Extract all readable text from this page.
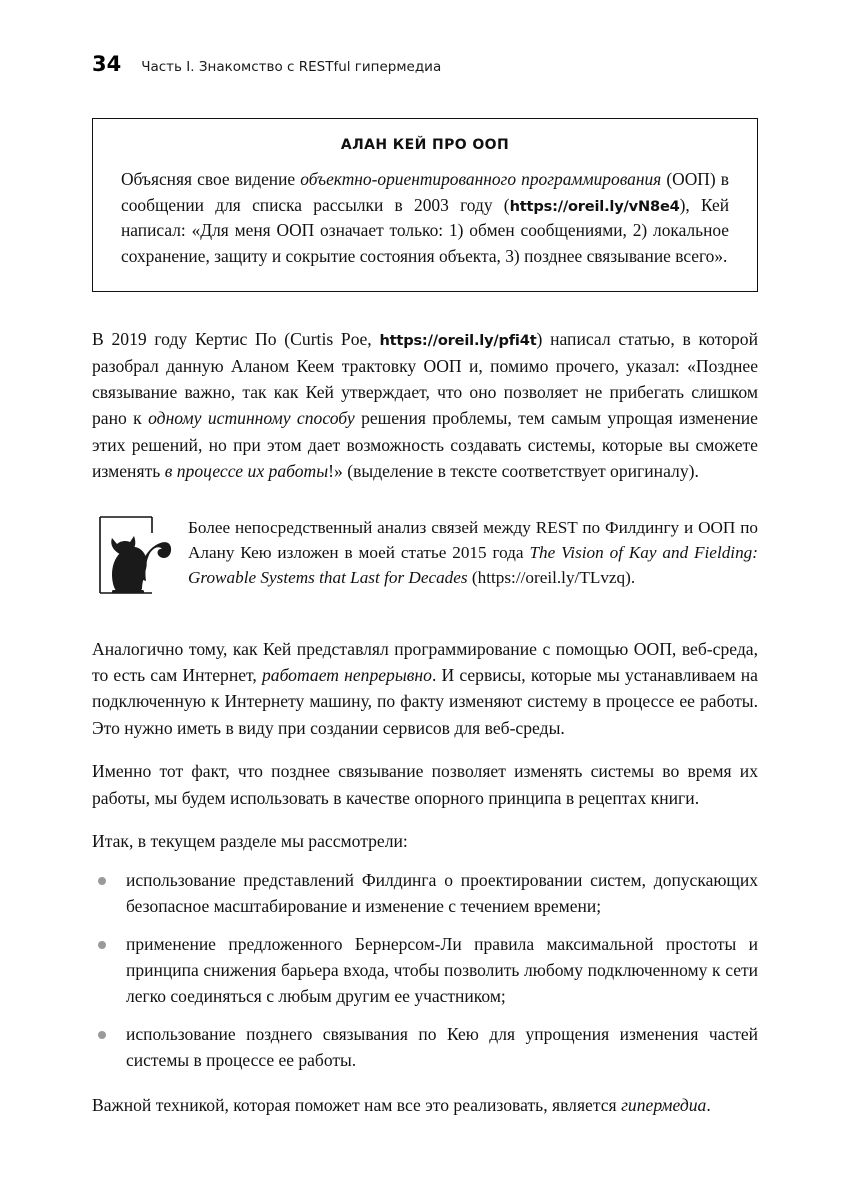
34 Часть I. Знакомство с RESTful гипермедиа
АЛАН КЕЙ ПРО ООП
Объясняя свое видение объектно-ориентированного программирования (ООП) в сообщении для списка рассылки в 2003 году (https://oreil.ly/vN8e4), Кей написал: «Для меня ООП означает только: 1) обмен сообщениями, 2) локальное сохранение, защиту и сокрытие состояния объекта, 3) позднее связывание всего».

В 2019 году Кертис По (Curtis Poe, https://oreil.ly/pfi4t) написал статью, в которой разобрал данную Аланом Кеем трактовку ООП и, помимо прочего, указал: «Позднее связывание важно, так как Кей утверждает, что оно позволяет не прибегать слишком рано к одному истинному способу решения проблемы, тем самым упрощая изменение этих решений, но при этом дает возможность создавать системы, которые вы сможете изменять в процессе их работы!» (выделение в тексте соответствует оригиналу).

Более непосредственный анализ связей между REST по Филдингу и ООП по Алану Кею изложен в моей статье 2015 года The Vision of Kay and Fielding: Growable Systems that Last for Decades (https://oreil.ly/TLvzq).

Аналогично тому, как Кей представлял программирование с помощью ООП, веб-среда, то есть сам Интернет, работает непрерывно. И сервисы, которые мы устанавливаем на подключенную к Интернету машину, по факту изменяют систему в процессе ее работы. Это нужно иметь в виду при создании сервисов для веб-среды.

Именно тот факт, что позднее связывание позволяет изменять системы во время их работы, мы будем использовать в качестве опорного принципа в рецептах книги.

Итак, в текущем разделе мы рассмотрели:

использование представлений Филдинга о проектировании систем, допускающих безопасное масштабирование и изменение с течением времени;
применение предложенного Бернерсом-Ли правила максимальной простоты и принципа снижения барьера входа, чтобы позволить любому подключенному к сети легко соединяться с любым другим ее участником;
использование позднего связывания по Кею для упрощения изменения частей системы в процессе ее работы.

Важной техникой, которая поможет нам все это реализовать, является гипермедиа.
